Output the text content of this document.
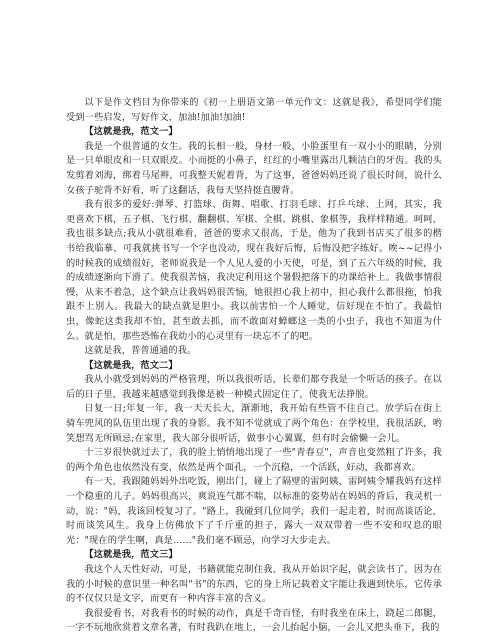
以下是作文档目为你带来的《初一上册语文第一单元作文：这就是我》，希望同学们能受到一些启发，写好作文，加油!加油!加油!

【这就是我，范文一】

我是一个很普通的女生。我的长相一般，身材一般，小脸蛋里有一双小小的眼睛，分别是一只单眼皮和一只双眼皮。小而挺的小鼻子，红红的小嘴里露出几颗洁白的牙齿。我的头发剪着刘海，绑着马尾辫，可我整天妮着背，为了这事，爸爸妈妈还说了很长时间，说什么女孩子驼背不好看，听了这翻话，我每天坚持挺直腰背。

我有很多的爱好:弹琴、打篮球、街舞、唱歌、打羽毛球、打乒乓球、上网，其实，我更喜欢下棋，五子棋、飞行棋、翻翻棋、军棋、全棋、跳棋、象棋等，我样样精通。呵呵，我也很多缺点;我从小就很难看，爸爸的要求又很高，于是，他为了我到书店买了很多的楷书给我临摹，可我就挑书写一个字也没动，现在我好后悔，后悔没把字练好。唉~~记得小的时候我的成绩很好，老师说我是一个人见人爱的小天使，可是，到了五六年级的时候，我的成绩逐渐向下滑了。使我很苦恼，我决定利用这个暑假把落下的功课给补上。我做事情很慢，从来不着急，这个缺点让我妈妈很苦恼，她很担心我上初中，担心我什么都很拖，怕我跟不上别人。我最大的缺点就是胆小。我以前害怕一个人睡觉，信好现在不怕了。我最怕虫，像蛇这类我却不怕，甚至敢去抓，而不敢面对蟑螂这一类的小虫子，我也不知道为什么。就是怕，那些恐怖在我幼小的心灵里有一块忘不了的吧。

这就是我，普普通通的我。

【这就是我，范文二】

我从小就受到妈妈的严格管理，所以我很听话，长辈们都夸我是一个听话的孩子。在以后的日子里，我越来越感觉到我像是被一种模式固定住了，使我无法挣脱。

日复一日;年复一年，我一天天长大，渐渐地，我开始有些管不住自己。放学后在街上骑车兜风的队伍里出现了我的身影。我不知不觉就成了两个角色：在学校里，我很活跃，哟笑想骂无所顾忌;在家里，我大部分很听话，做事小心翼翼，但有时会偷懒一会儿。

十三岁很快就过去了，我的脸上悄悄地出现了一些"青春豆"，声音也变然粗了许多，我的两个角色也依然没有变，依然是两个面孔，一个沉稳，一个活跃，好动，我都喜欢。

有一天，我跟随妈妈外出吃饭，刚出门，碰上了隔壁的雷阿姨，雷阿姨令耀我妈有这样一个稳重的儿子。妈妈很高兴，爽说连气都不喘，以标准的姿势站在妈妈的背后，我灵机一动，说："妈，我该回校复习了。"路上，我碰到几位同学，我们一起走着，时而高谈话论，时而谈笑风生。我身上仿佛放下了千斤重的担子，露大一双双带着一些不安和叹息的眼光："现在的学生啊，真是……"我们毫不顾忌，向学习大步走去。

【这就是我，范文三】

我这个人天性好动，可是，书籍就能克制住我，我从开始识字起，就会读书了，因为在我的小时候的意识里一种名叫"书"的东西，它的身上所记载着文字能让我遇到快乐，它传承的不仅仅只是文字，而更有一种内容丰富的含义。

我很爱看书，对我看书的时候的动作，真是千奇百怪，有时我坐在床上，跷起二郎腿，一字不玩地欣赏着文章名著，有时我趴在地上，一会儿抬起小脑，一会儿又把头垂下，我的
